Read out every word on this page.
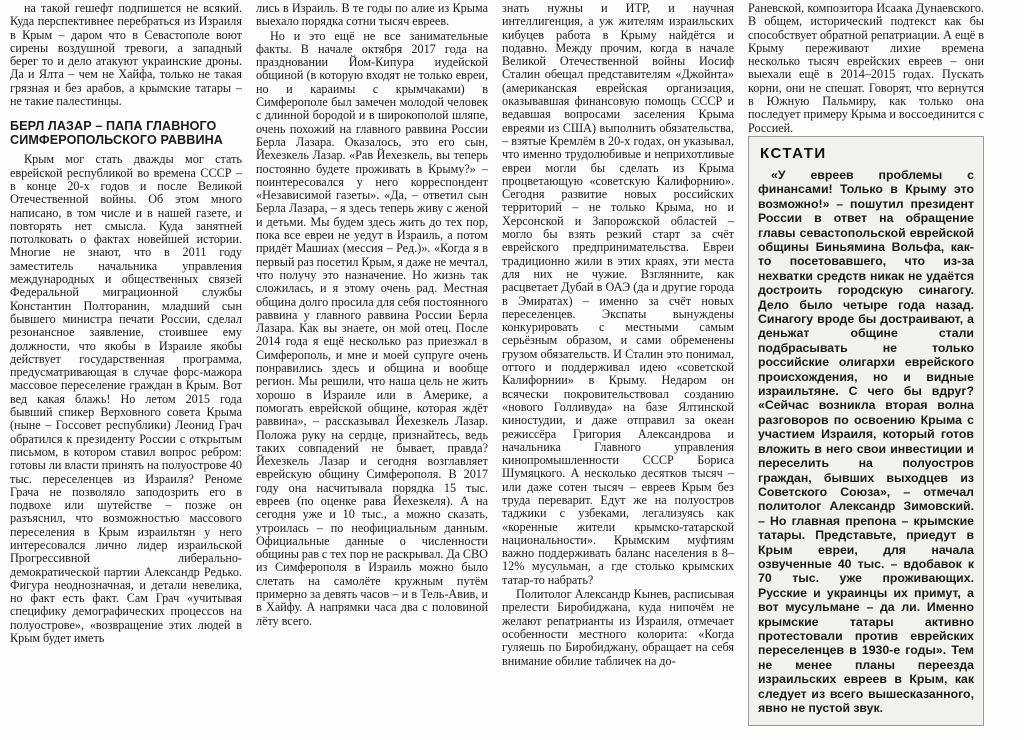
на такой гешефт подпишется не всякий. Куда перспективнее перебраться из Израиля в Крым – даром что в Севастополе воют сирены воздушной тревоги, а западный берег то и дело атакуют украинские дроны. Да и Ялта – чем не Хайфа, только не такая грязная и без арабов, а крымские татары – не такие палестинцы.

БЕРЛ ЛАЗАР – ПАПА ГЛАВНОГО СИМФЕРОПОЛЬСКОГО РАВВИНА

Крым мог стать дважды мог стать еврейской республикой во времена СССР – в конце 20-х годов и после Великой Отечественной войны. Об этом много написано, в том числе и в нашей газете, и повторять нет смысла. Куда занятней потолковать о фактах новейшей истории. Многие не знают, что в 2011 году заместитель начальника управления международных и общественных связей Федеральной миграционной службы Константин Полторанин, младший сын бывшего министра печати России, сделал резонансное заявление, стоившее ему должности, что якобы в Израиле якобы действует государственная программа, предусматривающая в случае форс-мажора массовое переселение граждан в Крым. Вот вед какая блажь! Но летом 2015 года бывший спикер Верховного совета Крыма (ныне – Госсовет республики) Леонид Грач обратился к президенту России с открытым письмом, в котором ставил вопрос ребром: готовы ли власти принять на полуострове 40 тыс. переселенцев из Израиля? Реноме Грача не позволяло заподозрить его в подвохе или шутействе – позже он разъяснил, что возможностью массового переселения в Крым израильтян у него интересовался лично лидер израильской Прогрессивной либерально-демократической партии Александр Редько. Фигура неоднозначная, и детали невелика, но факт есть факт. Сам Грач «учитывая специфику демографических процессов на полуострове», «возвращение этих людей в Крым будет иметь

лись в Израиль. В те годы по алие из Крыма выехало порядка сотни тысяч евреев.

Но и это ещё не все занимательные факты. В начале октября 2017 года на праздновании Йом-Кипура иудейской общиной (в которую входят не только евреи, но и караимы с крымчаками) в Симферополе был замечен молодой человек с длинной бородой и в широкополой шляпе, очень похожий на главного раввина России Берла Лазара. Оказалось, это его сын, Йехезкель Лазар. «Рав Йехезкель, вы теперь постоянно будете проживать в Крыму?» – поинтересовался у него корреспондент «Независимой газеты». «Да, – ответил сын Берла Лазара, – я здесь теперь живу с женой и детьми. Мы будем здесь жить до тех пор, пока все евреи не уедут в Израиль, а потом придёт Машиах (мессия – Ред.)». «Когда я в первый раз посетил Крым, я даже не мечтал, что получу это назначение. Но жизнь так сложилась, и я этому очень рад. Местная община долго просила для себя постоянного раввина у главного раввина России Берла Лазара. Как вы знаете, он мой отец. После 2014 года я ещё несколько раз приезжал в Симферополь, и мне и моей супруге очень понравились здесь и община и вообще регион. Мы решили, что наша цель не жить хорошо в Израиле или в Америке, а помогать еврейской общине, которая ждёт раввина», – рассказывал Йехезкель Лазар. Положа руку на сердце, признайтесь, ведь таких совпадений не бывает, правда? Йехезкель Лазар и сегодня возглавляет еврейскую общину Симферополя. В 2017 году она насчитывала порядка 15 тыс. евреев (по оценке рава Йехезкеля). А на сегодня уже и 10 тыс., а можно сказать, утроилась – по неофициальным данным. Официальные данные о численности общины рав с тех пор не раскрывал. Да СВО из Симферополя в Израиль можно было слетать на самолёте кружным путём примерно за девять часов – и в Тель-Авив, и в Хайфу. А напрямки часа два с половиной лёту всего.

знать нужны и ИТР, и научная интеллигенция, а уж жителям израильских кибуцев работа в Крыму найдётся и подавно. Между прочим, когда в начале Великой Отечественной войны Иосиф Сталин обещал представителям «Джойнта» (американская еврейская организация, оказывавшая финансовую помощь СССР и ведавшая вопросами заселения Крыма евреями из США) выполнить обязательства, – взятые Кремлём в 20-х годах, он указывал, что именно трудолюбивые и неприхотливые евреи могли бы сделать из Крыма процветающую «советскую Калифорнию». Сегодня развитие новых российских территорий – не только Крыма, но и Херсонской и Запорожской областей – могло бы взять резкий старт за счёт еврейского предпринимательства. Евреи традиционно жили в этих краях, эти места для них не чужие. Взглянните, как расцветает Дубай в ОАЭ (да и другие города в Эмиратах) – именно за счёт новых переселенцев. Экспаты вынуждены конкурировать с местными самым серьёзным образом, и сами обременены грузом обязательств. И Сталин это понимал, оттого и поддерживал идею «советской Калифорнии» в Крыму. Недаром он всячески покровительствовал созданию «нового Голливуда» на базе Ялтинской киностудии, и даже отправил за океан режиссёра Григория Александрова и начальника Главного управления кинопромышленности СССР Бориса Шумяцкого. А несколько десятков тысяч – или даже сотен тысяч – евреев Крым без труда переварит. Едут же на полуостров таджики с узбеками, легализуясь как «коренные жители крымско-татарской национальности». Крымским муфтиям важно поддерживать баланс населения в 8–12% мусульман, а где столько крымских татар-то набрать?

Политолог Александр Кынев, расписывая прелести Биробиджана, куда нипочём не желают репатрианты из Израиля, отмечает особенности местного колорита: «Когда гуляешь по Биробиджану, обращает на себя внимание обилие табличек на до-

Раневской, композитора Исаака Дунаевского. В общем, исторический подтекст как бы способствует обратной репатриации. А ещё в Крыму переживают лихие времена несколько тысяч еврейских евреев – они выехали ещё в 2014–2015 годах. Пускать корни, они не спешат. Говорят, что вернутся в Южную Пальмиру, как только она последует примеру Крыма и воссоединится с Россией.

КСТАТИ

«У евреев проблемы с финансами! Только в Крыму это возможно!» – пошутил президент России в ответ на обращение главы севастопольской еврейской общины Биньямина Вольфа, как-то посетовавшего, что из-за нехватки средств никак не удаётся достроить городскую синагогу. Дело было четыре года назад. Синагогу вроде бы достраивают, а деньжат общине стали подбрасывать не только российские олигархи еврейского происхождения, но и видные израильтяне. С чего бы вдруг? «Сейчас возникла вторая волна разговоров по освоению Крыма с участием Израиля, который готов вложить в него свои инвестиции и переселить на полуостров граждан, бывших выходцев из Советского Союза», – отмечал политолог Александр Зимовский. – Но главная препона – крымские татары. Представьте, приедут в Крым евреи, для начала озвученные 40 тыс. – вдобавок к 70 тыс. уже проживающих. Русские и украинцы их примут, а вот мусульмане – да ли. Именно крымские татары активно протестовали против еврейских переселенцев в 1930-е годы». Тем не менее планы переезда израильских евреев в Крым, как следует из всего вышесказанного, явно не пустой звук.
